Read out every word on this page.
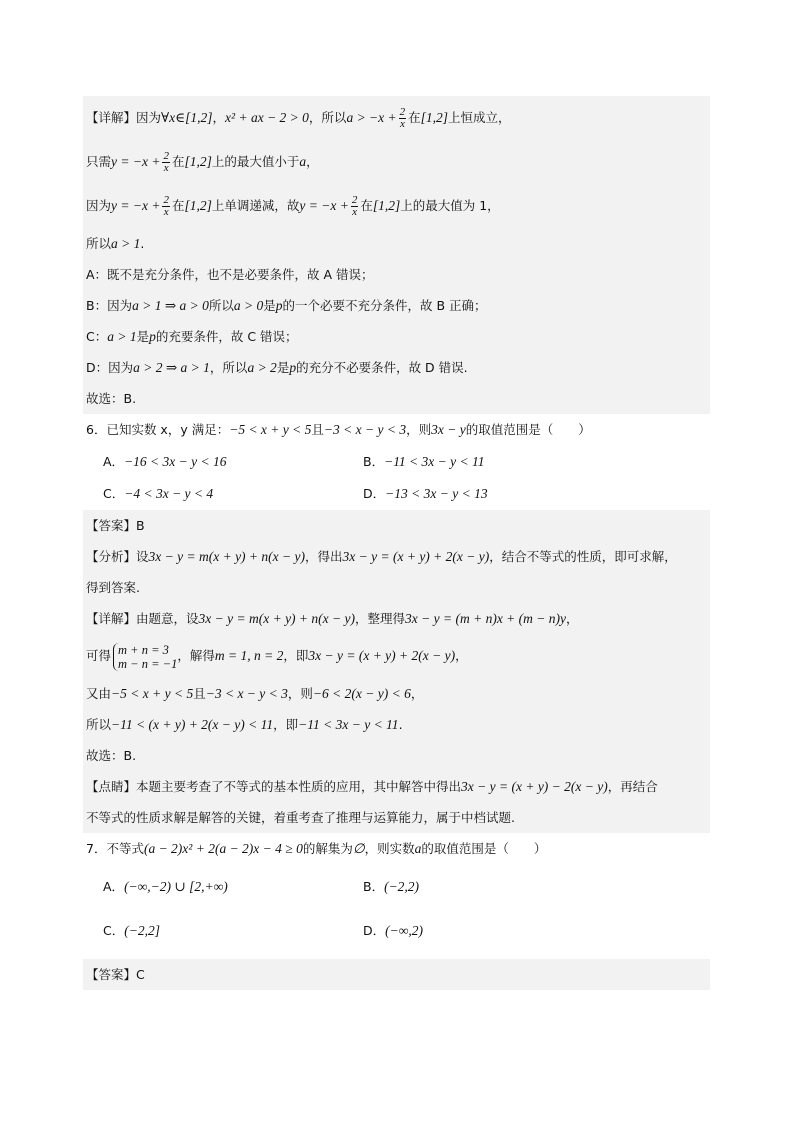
【详解】因为∀x∈[1,2]，x² + ax − 2 > 0，所以$a > -x + \frac{2}{x}$ 在[1,2]上恒成立，
只需$y = -x + \frac{2}{x}$ 在[1,2]上的最大值小于a，
因为$y = -x + \frac{2}{x}$ 在[1,2]上单调递减，故$y = -x + \frac{2}{x}$ 在[1,2]上的最大值为 1，
所以a > 1.
A：既不是充分条件，也不是必要条件，故 A 错误；
B：因为a > 1 ⇒ a > 0所以a > 0是p的一个必要不充分条件，故 B 正确；
C：a > 1是p的充要条件，故 C 错误；
D：因为a > 2 ⇒ a > 1，所以a > 2是p的充分不必要条件，故 D 错误.
故选：B.
6．已知实数 x，y 满足：−5 < x + y < 5且−3 < x − y < 3，则3x − y的取值范围是（　　）
A．−16 < 3x − y < 16	B．−11 < 3x − y < 11
C．−4 < 3x − y < 4	D．−13 < 3x − y < 13
【答案】B
【分析】设3x − y = m(x + y) + n(x − y)，得出3x − y = (x + y) + 2(x − y)，结合不等式的性质，即可求解，
得到答案.
【详解】由题意，设3x − y = m(x + y) + n(x − y)，整理得3x − y = (m + n)x + (m − n)y，
可得 m + n = 3
m − n = −1
，解得m = 1, n = 2，即3x − y = (x + y) + 2(x − y)，
又由−5 < x + y < 5且−3 < x − y < 3，则−6 < 2(x − y) < 6，
所以−11 < (x + y) + 2(x − y) < 11，即−11 < 3x − y < 11.
故选：B.
【点睛】本题主要考查了不等式的基本性质的应用，其中解答中得出3x − y = (x + y) − 2(x − y)，再结合
不等式的性质求解是解答的关键，着重考查了推理与运算能力，属于中档试题.
7．不等式(a − 2)x² + 2(a − 2)x − 4 ≥ 0的解集为∅，则实数a的取值范围是（　　）
A．(−∞,−2) ∪ [2,+∞)	B．(−2,2)
C．(−2,2]	D．(−∞,2)
【答案】C
